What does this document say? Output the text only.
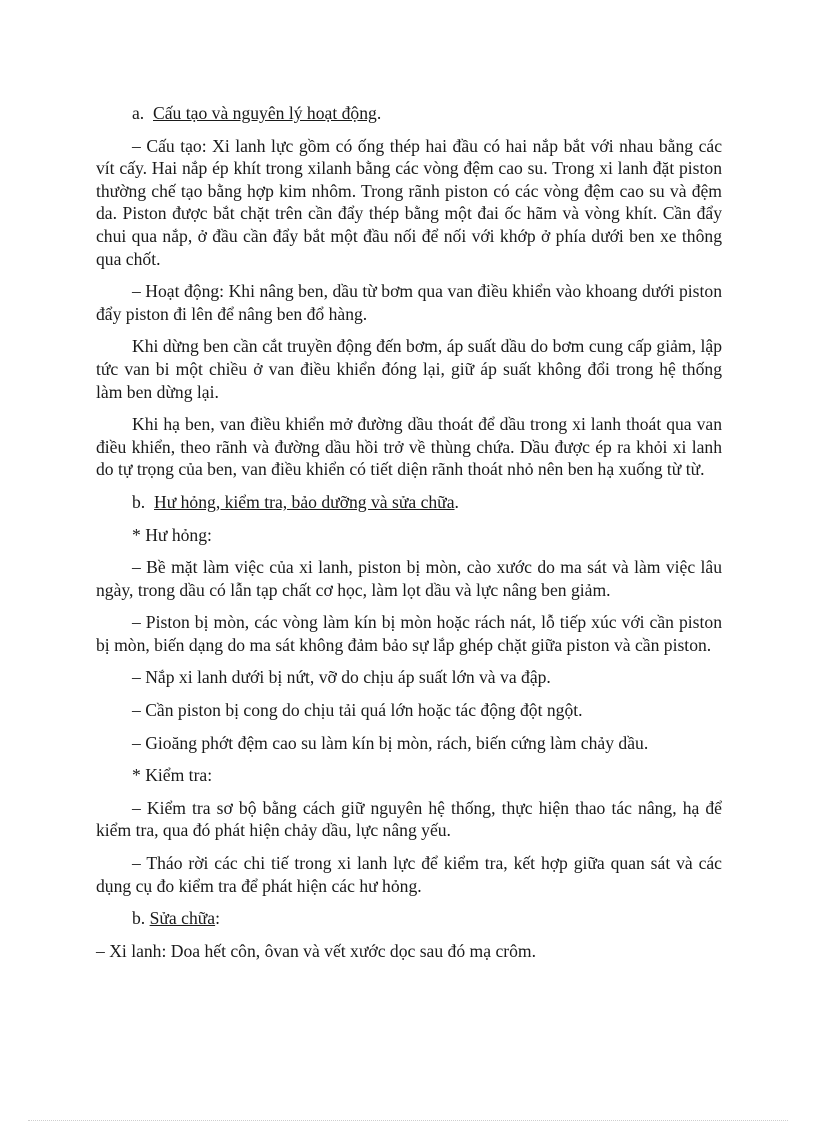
a. Cấu tạo và nguyên lý hoạt động.

– Cấu tạo: Xi lanh lực gồm có ống thép hai đầu có hai nắp bắt với nhau bằng các vít cấy. Hai nắp ép khít trong xilanh bằng các vòng đệm cao su. Trong xi lanh đặt piston thường chế tạo bằng hợp kim nhôm. Trong rãnh piston có các vòng đệm cao su và đệm da. Piston được bắt chặt trên cần đẩy thép bằng một đai ốc hãm và vòng khít. Cần đẩy chui qua nắp, ở đầu cần đẩy bắt một đầu nối để nối với khớp ở phía dưới ben xe thông qua chốt.

– Hoạt động: Khi nâng ben, dầu từ bơm qua van điều khiển vào khoang dưới piston đẩy piston đi lên để nâng ben đổ hàng.

Khi dừng ben cần cắt truyền động đến bơm, áp suất dầu do bơm cung cấp giảm, lập tức van bi một chiều ở van điều khiển đóng lại, giữ áp suất không đổi trong hệ thống làm ben dừng lại.

Khi hạ ben, van điều khiển mở đường dầu thoát để dầu trong xi lanh thoát qua van điều khiển, theo rãnh và đường dầu hồi trở về thùng chứa. Dầu được ép ra khỏi xi lanh do tự trọng của ben, van điều khiển có tiết diện rãnh thoát nhỏ nên ben hạ xuống từ từ.

b. Hư hỏng, kiểm tra, bảo dưỡng và sửa chữa.

* Hư hỏng:

– Bề mặt làm việc của xi lanh, piston bị mòn, cào xước do ma sát và làm việc lâu ngày, trong dầu có lẫn tạp chất cơ học, làm lọt dầu và lực nâng ben giảm.

– Piston bị mòn, các vòng làm kín bị mòn hoặc rách nát, lỗ tiếp xúc với cần piston bị mòn, biến dạng do ma sát không đảm bảo sự lắp ghép chặt giữa piston và cần piston.

– Nắp xi lanh dưới bị nứt, vỡ do chịu áp suất lớn và va đập.

– Cần piston bị cong do chịu tải quá lớn hoặc tác động đột ngột.

– Gioăng phớt đệm cao su làm kín bị mòn, rách, biến cứng làm chảy dầu.

* Kiểm tra:

– Kiểm tra sơ bộ bằng cách giữ nguyên hệ thống, thực hiện thao tác nâng, hạ để kiểm tra, qua đó phát hiện chảy dầu, lực nâng yếu.

– Tháo rời các chi tiế trong xi lanh lực để kiểm tra, kết hợp giữa quan sát và các dụng cụ đo kiểm tra để phát hiện các hư hỏng.

b. Sửa chữa:

– Xi lanh: Doa hết côn, ôvan và vết xước dọc sau đó mạ crôm.
